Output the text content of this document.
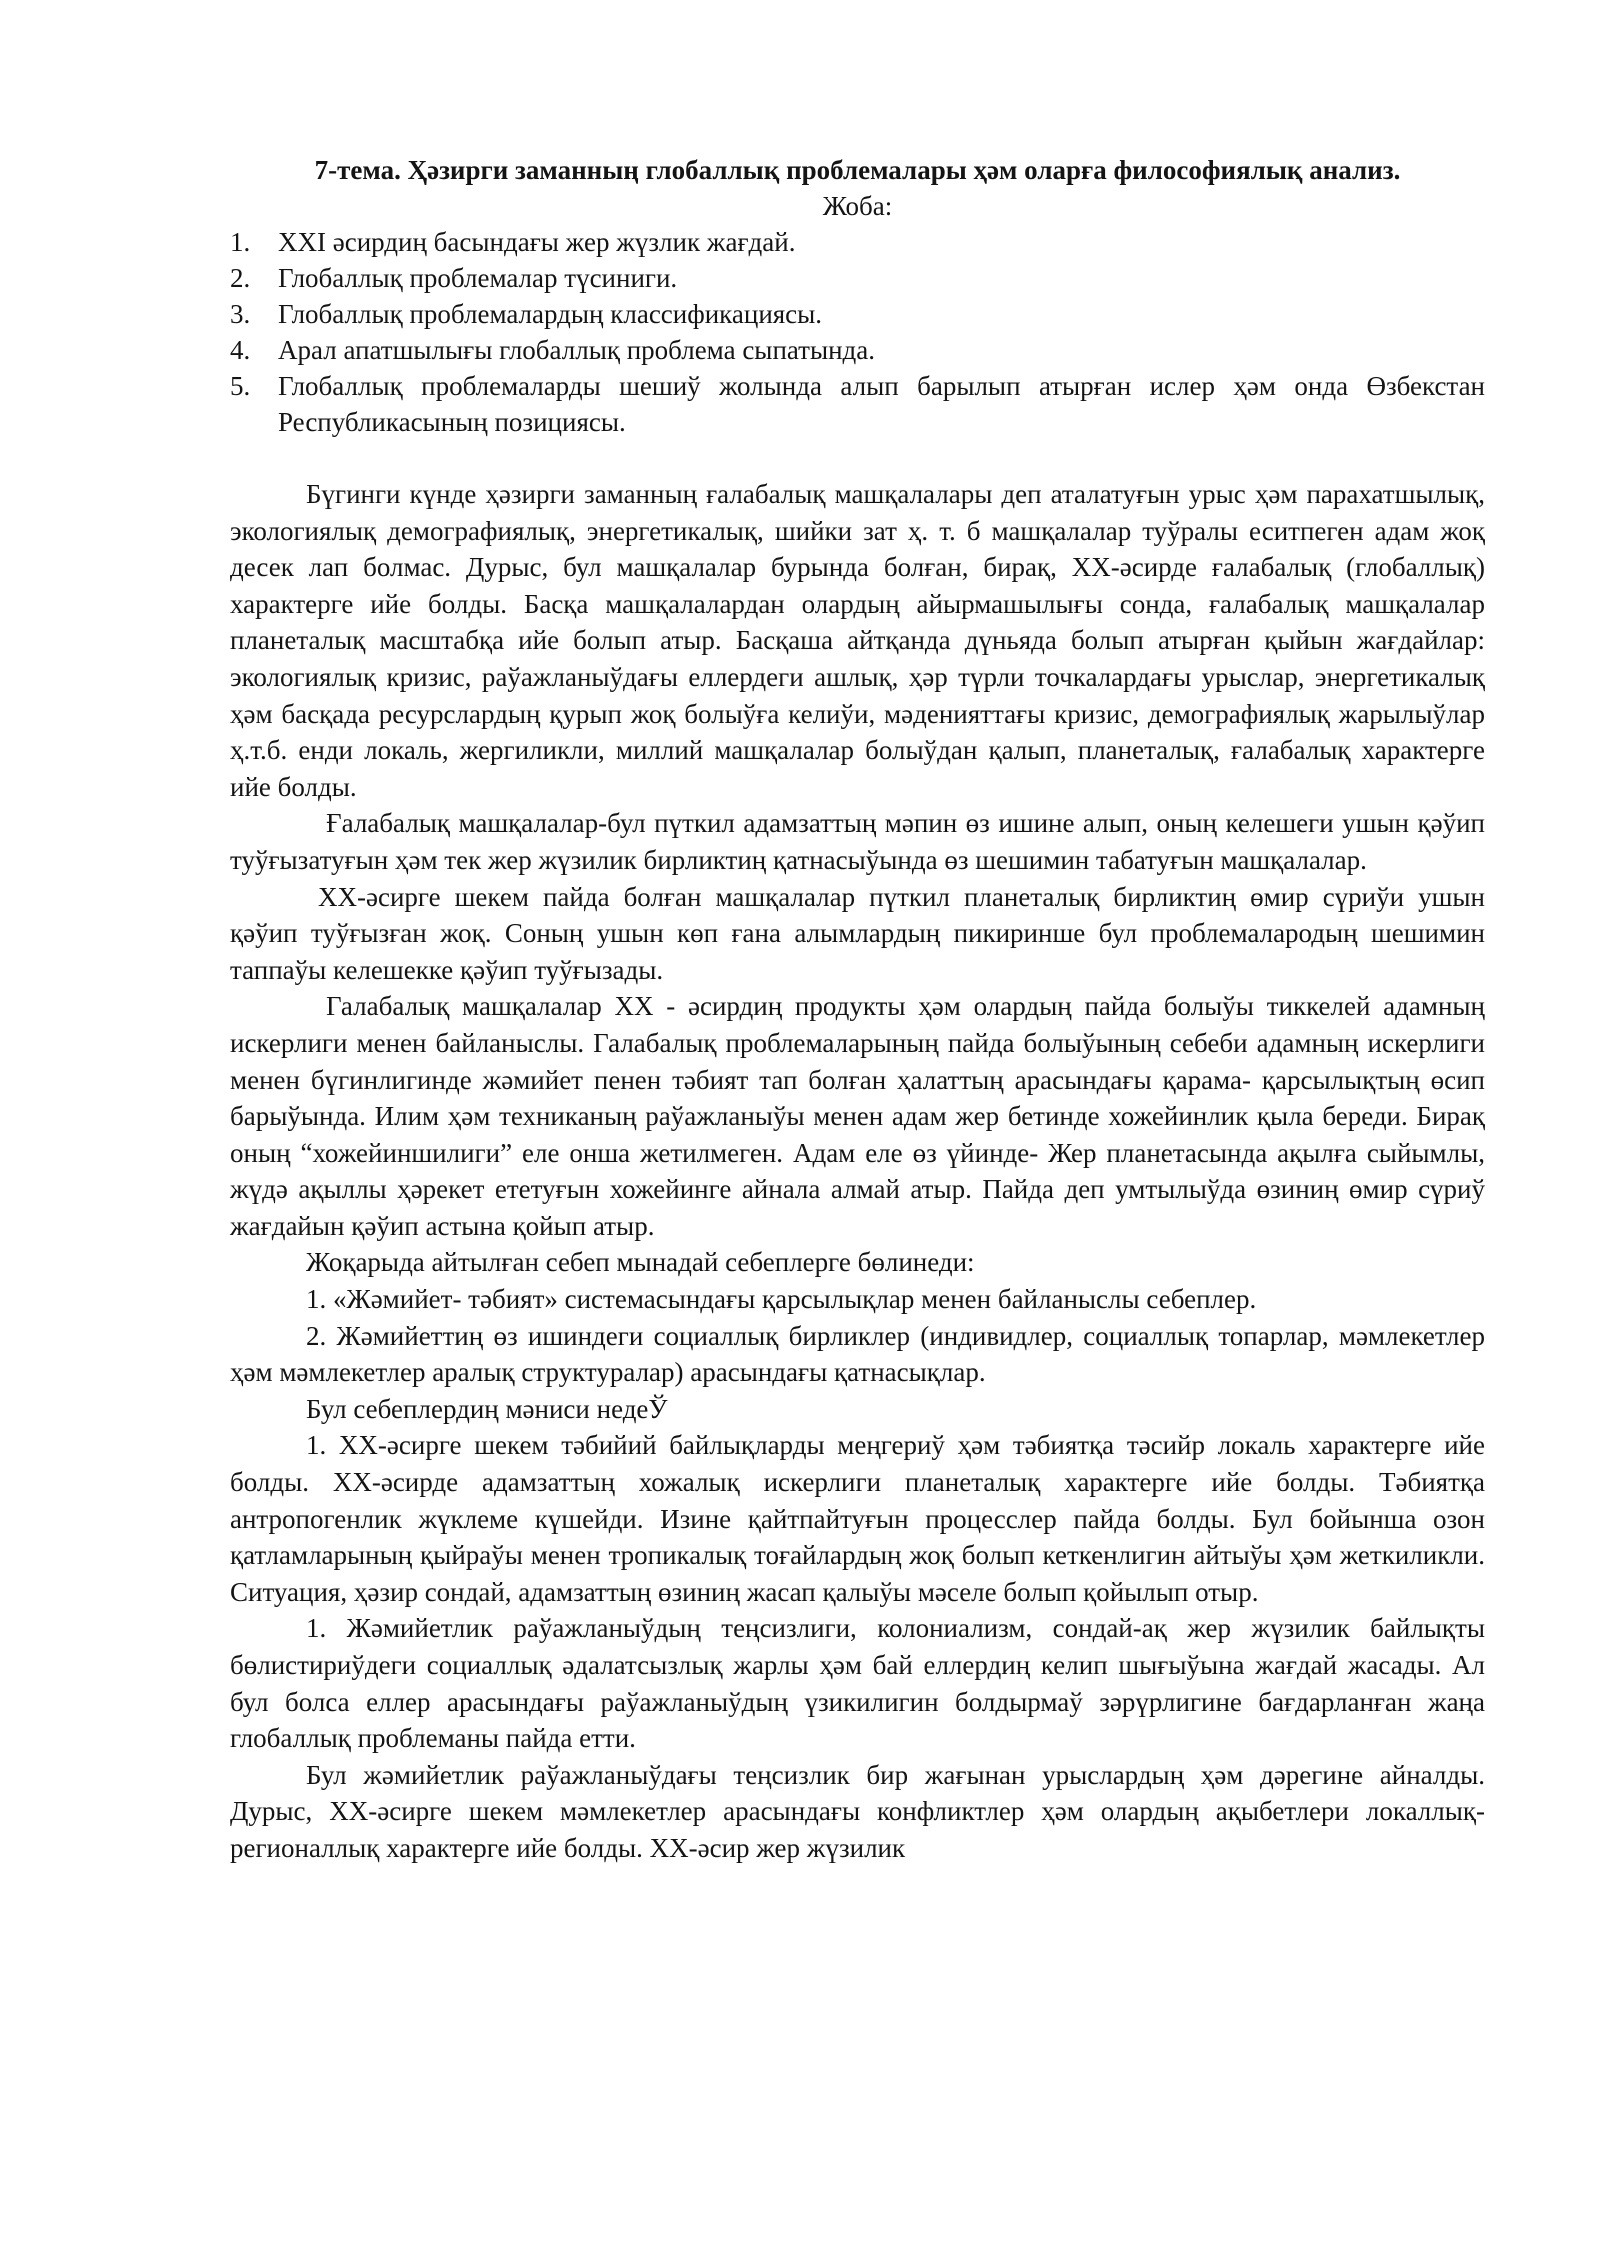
7-тема. Ҳәзирги заманның глобаллық проблемалары ҳәм оларға философиялық анализ.

Жоба:

1. XXI әсирдиң басындағы жер жүзлик жағдай.
2. Глобаллық проблемалар түсиниги.
3. Глобаллық проблемалардың классификациясы.
4. Арал апатшылығы глобаллық проблема сыпатында.
5. Глобаллық проблемаларды шешиў жолында алып барылып атырған ислер ҳәм онда Өзбекстан Республикасының позициясы.

Бүгинги күнде ҳәзирги заманның ғалабалық машқалалары деп аталатуғын урыс ҳәм парахатшылық, экологиялық демографиялық, энергетикалық, шийки зат ҳ. т. б машқалалар туўралы еситпеген адам жоқ десек лап болмас. Дурыс, бул машқалалар бурында болған, бирақ, ХХ-әсирде ғалабалық (глобаллық) характерге ийе болды. Басқа машқалалардан олардың айырмашылығы сонда, ғалабалық машқалалар планеталық масштабқа ийе болып атыр. Басқаша айтқанда дүньяда болып атырған қыйын жағдайлар: экологиялық кризис, раўажланыўдағы еллердеги ашлық, ҳәр түрли точкалардағы урыслар, энергетикалық ҳәм басқада ресурслардың қурып жоқ болыўға келиўи, мәденияттағы кризис, демографиялық жарылыўлар ҳ.т.б. енди локаль, жергиликли, миллий машқалалар болыўдан қалып, планеталық, ғалабалық характерге ийе болды.

Ғалабалық машқалалар-бул пүткил адамзаттың мәпин өз ишине алып, оның келешеги ушын қәўип туўғызатуғын ҳәм тек жер жүзилик бирликтиң қатнасыўында өз шешимин табатуғын машқалалар.

ХХ-әсирге шекем пайда болған машқалалар пүткил планеталық бирликтиң өмир сүриўи ушын қәўип туўғызған жоқ. Соның ушын көп ғана алымлардың пикиринше бул проблемалародың шешимин таппаўы келешекке қәўип туўғызады.

Галабалық машқалалар ХХ - әсирдиң продукты ҳәм олардың пайда болыўы тиккелей адамның искерлиги менен байланыслы. Галабалық проблемаларының пайда болыўының себеби адамның искерлиги менен бүгинлигинде жәмийет пенен тәбият тап болған ҳалаттың арасындағы қарама- қарсылықтың өсип барыўында. Илим ҳәм техниканың раўажланыўы менен адам жер бетинде хожейинлик қыла береди. Бирақ оның “хожейиншилиги” еле онша жетилмеген. Адам еле өз үйинде- Жер планетасында ақылға сыйымлы, жүдә ақыллы ҳәрекет ететуғын хожейинге айнала алмай атыр. Пайда деп умтылыўда өзиниң өмир сүриў жағдайын қәўип астына қойып атыр.

Жоқарыда айтылған себеп мынадай себеплерге бөлинеди:

1. «Жәмийет- тәбият» системасындағы қарсылықлар менен байланыслы себеплер.

2. Жәмийеттиң өз ишиндеги социаллық бирликлер (индивидлер, социаллық топарлар, мәмлекетлер ҳәм мәмлекетлер аралық структуралар) арасындағы қатнасықлар.

Бул себеплердиң мәниси недеЎ

1. ХХ-әсирге шекем тәбийий байлықларды меңгериў ҳәм тәбиятқа тәсийр локаль характерге ийе болды. ХХ-әсирде адамзаттың хожалық искерлиги планеталық характерге ийе болды. Тәбиятқа антропогенлик жүклеме күшейди. Изине қайтпайтуғын процесслер пайда болды. Бул бойынша озон қатламларының қыйраўы менен тропикалық тоғайлардың жоқ болып кеткенлигин айтыўы ҳәм жеткиликли. Ситуация, ҳәзир сондай, адамзаттың өзиниң жасап қалыўы мәселе болып қойылып отыр.

1. Жәмийетлик раўажланыўдың теңсизлиги, колониализм, сондай-ақ жер жүзилик байлықты бөлистириўдеги социаллық әдалатсызлық жарлы ҳәм бай еллердиң келип шығыўына жағдай жасады. Ал бул болса еллер арасындағы раўажланыўдың үзикилигин болдырмаў зәрүрлигине бағдарланған жаңа глобаллық проблеманы пайда етти.

Бул жәмийетлик раўажланыўдағы теңсизлик бир жағынан урыслардың ҳәм дәрегине айналды. Дурыс, ХХ-әсирге шекем мәмлекетлер арасындағы конфликтлер ҳәм олардың ақыбетлери локаллық- регионаллық характерге ийе болды. ХХ-әсир жер жүзилик
